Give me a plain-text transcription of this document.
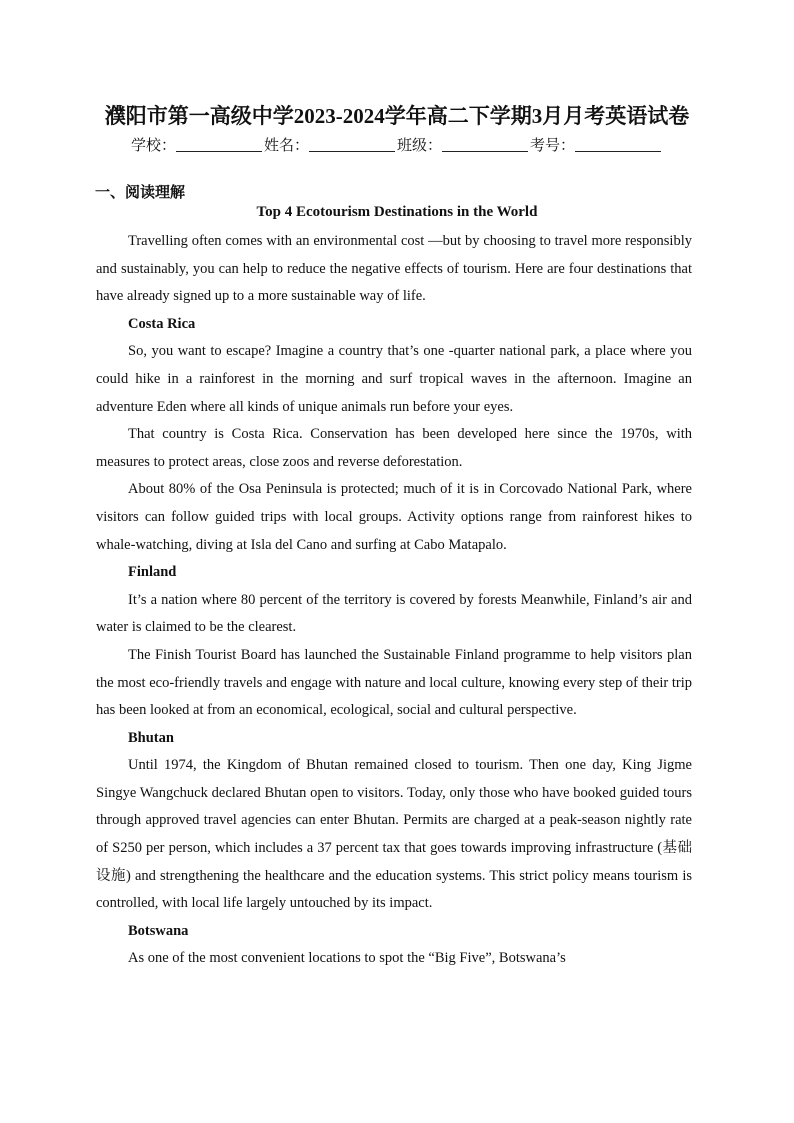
濮阳市第一高级中学2023-2024学年高二下学期3月月考英语试卷
学校：	姓名：	班级：	考号：
一、阅读理解
Top 4 Ecotourism Destinations in the World

Travelling often comes with an environmental cost —but by choosing to travel more responsibly and sustainably, you can help to reduce the negative effects of tourism. Here are four destinations that have already signed up to a more sustainable way of life.

Costa Rica

So, you want to escape? Imagine a country that’s one -quarter national park, a place where you could hike in a rainforest in the morning and surf tropical waves in the afternoon. Imagine an adventure Eden where all kinds of unique animals run before your eyes.

That country is Costa Rica. Conservation has been developed here since the 1970s, with measures to protect areas, close zoos and reverse deforestation.

About 80% of the Osa Peninsula is protected; much of it is in Corcovado National Park, where visitors can follow guided trips with local groups. Activity options range from rainforest hikes to whale-watching, diving at Isla del Cano and surfing at Cabo Matapalo.

Finland

It’s a nation where 80 percent of the territory is covered by forests Meanwhile, Finland’s air and water is claimed to be the clearest.

The Finish Tourist Board has launched the Sustainable Finland programme to help visitors plan the most eco-friendly travels and engage with nature and local culture, knowing every step of their trip has been looked at from an economical, ecological, social and cultural perspective.

Bhutan

Until 1974, the Kingdom of Bhutan remained closed to tourism. Then one day, King Jigme Singye Wangchuck declared Bhutan open to visitors. Today, only those who have booked guided tours through approved travel agencies can enter Bhutan. Permits are charged at a peak-season nightly rate of S250 per person, which includes a 37 percent tax that goes towards improving infrastructure (基础设施) and strengthening the healthcare and the education systems. This strict policy means tourism is controlled, with local life largely untouched by its impact.

Botswana

As one of the most convenient locations to spot the “Big Five”, Botswana’s
